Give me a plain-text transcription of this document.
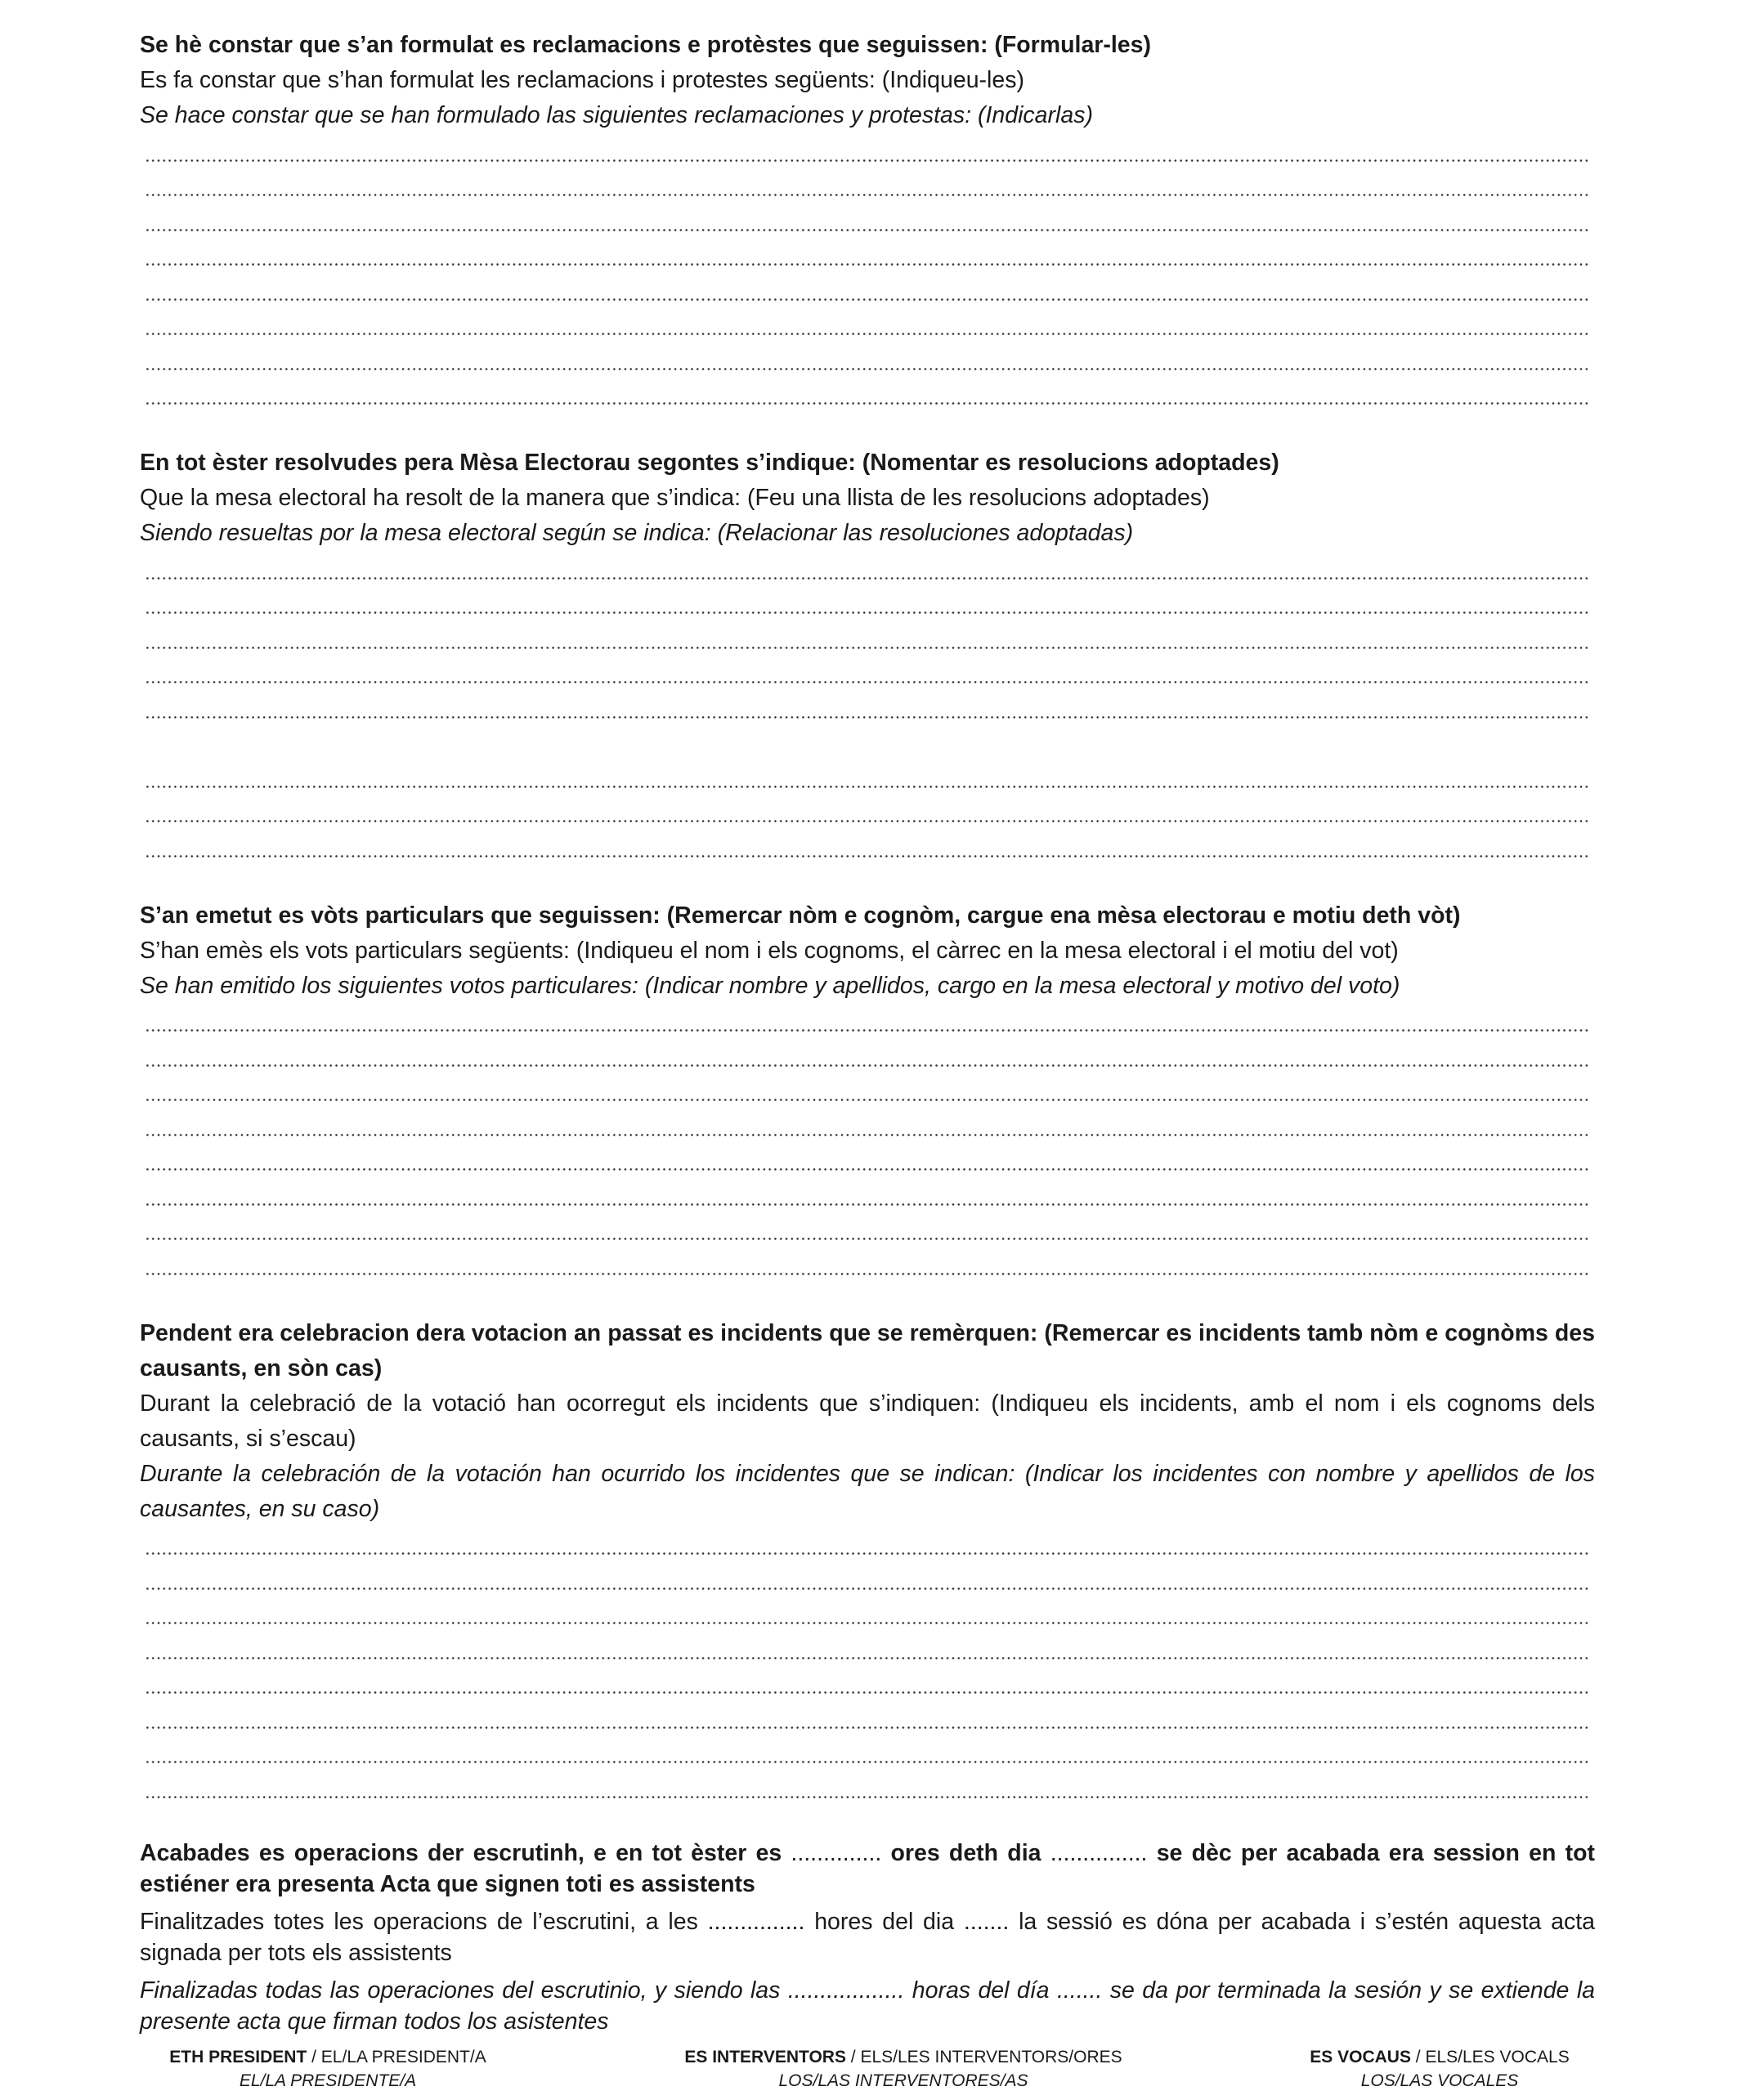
Se hè constar que s’an formulat es reclamacions e protèstes que seguissen: (Formular-les)
Es fa constar que s’han formulat les reclamacions i protestes següents: (Indiqueu-les)
Se hace constar que se han formulado las siguientes reclamaciones y protestas: (Indicarlas)
En tot èster resolvudes pera Mèsa Electorau segontes s’indique: (Nomentar es resolucions adoptades)
Que la mesa electoral ha resolt de la manera que s’indica: (Feu una llista de les resolucions adoptades)
Siendo resueltas por la mesa electoral según se indica: (Relacionar las resoluciones adoptadas)
S’an emetut es vòts particulars que seguissen: (Remercar nòm e cognòm, cargue ena mèsa electorau e motiu deth vòt)
S’han emès els vots particulars següents: (Indiqueu el nom i els cognoms, el càrrec en la mesa electoral i el motiu del vot)
Se han emitido los siguientes votos particulares: (Indicar nombre y apellidos, cargo en la mesa electoral y motivo del voto)
Pendent era celebracion dera votacion an passat es incidents que se remèrquen: (Remercar es incidents tamb nòm e cognòms des causants, en sòn cas)
Durant la celebració de la votació han ocorregut els incidents que s’indiquen: (Indiqueu els incidents, amb el nom i els cognoms dels causants, si s’escau)
Durante la celebración de la votación han ocurrido los incidentes que se indican: (Indicar los incidentes con nombre y apellidos de los causantes, en su caso)
Acabades es operacions der escrutinh, e en tot èster es .............. ores deth dia ............... se dèc per acabada era session en tot estiéner era presenta Acta que signen toti es assistents
Finalitzades totes les operacions de l’escrutini, a les ............... hores del dia ....... la sessió es dóna per acabada i s’estén aquesta acta signada per tots els assistents
Finalizadas todas las operaciones del escrutinio, y siendo las .................. horas del día ....... se da por terminada la sesión y se extiende la presente acta que firman todos los asistentes
ETH PRESIDENT / EL/LA PRESIDENT/A
EL/LA PRESIDENTE/A
ES INTERVENTORS / ELS/LES INTERVENTORS/ORES
LOS/LAS INTERVENTORES/AS
ES VOCAUS / ELS/LES VOCALS
LOS/LAS VOCALES
